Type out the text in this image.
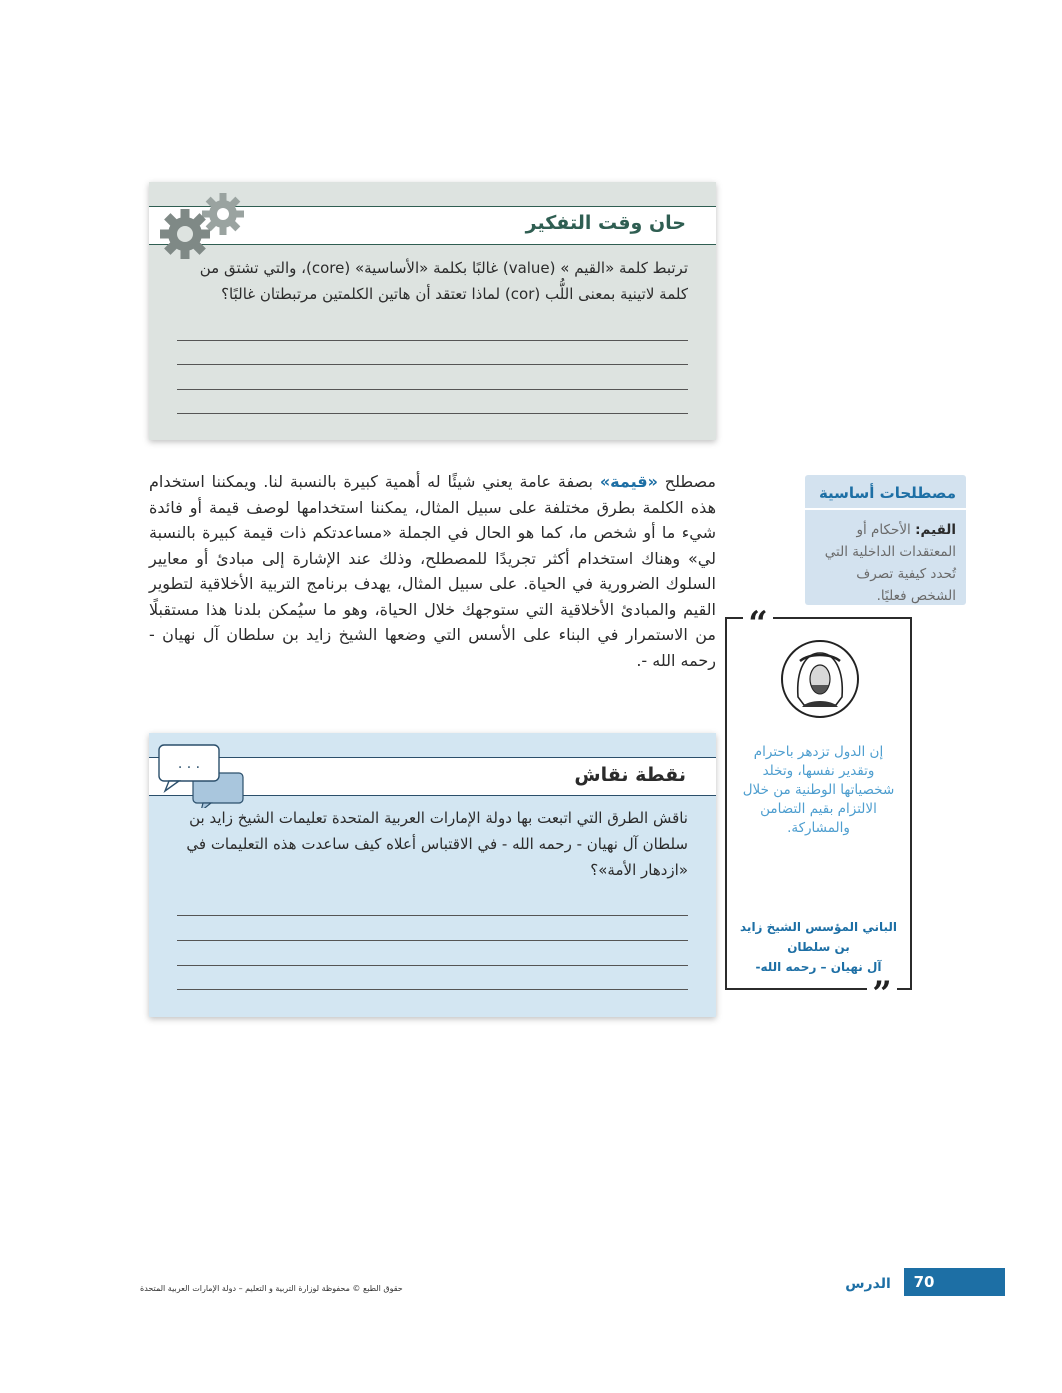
حان وقت التفكير
ترتبط كلمة «القيم » (value) غالبًا بكلمة «الأساسية» (core)، والتي تشتق من كلمة لاتينية بمعنى اللُّب (cor) لماذا تعتقد أن هاتين الكلمتين مرتبطتان غالبًا؟
مصطلح «قيمة» بصفة عامة يعني شيئًا له أهمية كبيرة بالنسبة لنا. ويمكننا استخدام هذه الكلمة بطرق مختلفة على سبيل المثال، يمكننا استخدامها لوصف قيمة أو فائدة شيء ما أو شخص ما، كما هو الحال في الجملة «مساعدتكم ذات قيمة كبيرة بالنسبة لي» وهناك استخدام أكثر تجريدًا للمصطلح، وذلك عند الإشارة إلى مبادئ أو معايير السلوك الضرورية في الحياة. على سبيل المثال، يهدف برنامج التربية الأخلاقية لتطوير القيم والمبادئ الأخلاقية التي ستوجهك خلال الحياة، وهو ما سيُمكن بلدنا هذا مستقبلًا من الاستمرار في البناء على الأسس التي وضعها الشيخ زايد بن سلطان آل نهيان - رحمه الله -.
مصطلحات أساسية
القيم: الأحكام أو المعتقدات الداخلية التي تُحدد كيفية تصرف الشخص فعليًا.
“
إن الدول تزدهر باحترام وتقدير نفسها، وتخلد شخصياتها الوطنية من خلال الالتزام بقيم التضامن والمشاركة.
الباني المؤسس الشيخ زايد بن سلطان
آل نهيان – رحمه الله-
”
نقطة نقاش
. . .
ناقش الطرق التي اتبعت بها دولة الإمارات العربية المتحدة تعليمات الشيخ زايد بن سلطان آل نهيان - رحمه الله - في الاقتباس أعلاه كيف ساعدت هذه التعليمات في «ازدهار الأمة»؟
70
الدرس
حقوق الطبع © محفوظة لوزارة التربية و التعليم – دولة الإمارات العربية المتحدة
